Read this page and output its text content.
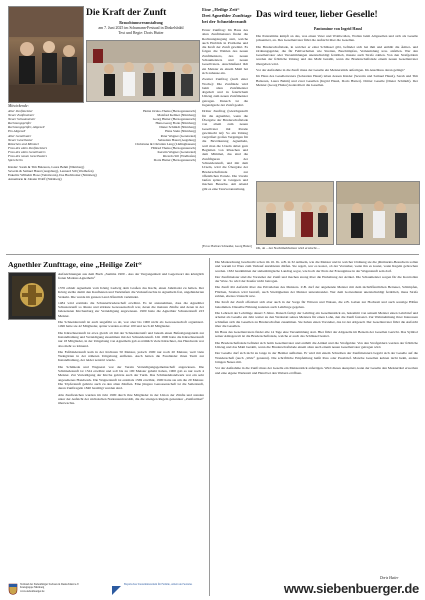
Die Kraft der Zunft
Brauchtumsveranstaltung
am 7. Juni 2025 im Schumann-Festsaal in Dinkelsbühl
Text und Regie: Doris Hutter
Mitwirkende:
Alter Zunftmeister	Heinz Ocsko-Theiss (Herzogenaurach)
Neuer Zunftmeister	Manfred Kellner (Nürnberg)
Neuer Schaumeister	Georg Hutter (Herzogenaurach)
Rechnungsprüfer	Hans-Georg Bode (Nürnberg)
Rechnungsprüfer, Altgesell	Dieter Schmidt (Nürnberg)
Ein Altgesell	Hans Stein (Nürnberg)
Alter Gesellvater	Peter Wagner (Geretsried)
Neuer Gesellvater	Sebastian Hausl (Augsburg)
Rösschen und Mimmel	Christiane & Christian Lang (Lüdinghausen)
Frau des alten Zunftmeisters	Hiltrud Theiss (Herzogenaurach)
Frau des alten Gesellvaters	Kerstin Wagner (Geretsried)
Frau des neuen Gesellvaters	Ricarda Sill (Wadhofen)
Sprecherin	Doris Hutter (Herzogenaurach)
Kinder: Sarah & Tim Balzeren, Laura Behm (Nürnberg)
Severin & Samuel Hausl (Augsburg), Lennard Sill (Wadhofen)
Enkelin: Wilhelm Hose (Veitsbronn), Ilse Buchholzer (Nürnberg)
Annemarie & Johann Wolff (Nürnberg)
Eine „Heilige Zeit“
Drei Agnethler Zunfttage
bei der Schneiderzunft

Erster Zunfttag: Im Haus des alten Zunftmeisters findet die Rechnungslegung statt, welche auch Einblick in Probleme und die Kraft der Zunft gewährt. Es folgen die Wahlen des neuen Zunftmeisters, des neuen Schaumeisters und neuen Gesellvaters. Anschließend lädt ein Meister zu einem Mahl bei sich zuhause ein.

Zweiter Zunfttag (nach einer Woche): Die Zunftlade wird beim alten Zunftmeister abgeholt und in feierlichem Umzug zum neuen Zunftmeister getragen. Danach ist die Jugendgarde der Zunft geehrt.

Dritter Zunfttag (Gleichgestellt für die Agnethler, wenn die Übergabe der Bruderschaftslade von altem zum neuen Gesellvater mit Parade gewünscht ist): So ein Umzug vergrößert großes Vergnügen für die Bevölkerung Agnetheln, weil man die Urzeln dabei gern Begleiten von Rösschen und dem Mimmel, das sind die Zunftfiguren der Schneiderzunft, und mit dem Urzeln, wird die Übergabe der Bruderschaftslade zur öffentlichen Parade. Die Urzeln laufen später in Gruppen und machen Besuche. Am Abend gibt es eine Tanzveranstaltung.

[Fotos: Barbara Schneider, Georg Hutter]
Das wird teuer, lieber Geselle!
Pantomime von Ingrid Hausl

Die Pantomime knüpft an das, was einen Vater und Wohlwollen, Wollen beim Altgesellen und sich als Geselle präsentiert, an. Des Gesellenvater führt die Aufsicht über die Gesellen.

Die Bruderschaftslade, in welcher er einst Schlüssel gibt, befindet sich bei ihm und enthält die Ämter- und Ordnungsgelder, die für Fehlverhalten wie Streiten, Beschimpfen, Verleumdung usw. anfallen. Wer den Gesellenvater oder Versammlungen unentschuldigt fernblieb, musste auch Strafe zahlen. Von den Strafgeldern werden der fröhliche Umzug und das Mahl bezahlt, wenn die Bruderschaftslade einem neuen Gesellenvater übergeben wird.

Vor der Aufnahme in die Zunft muss der Geselle ein Meisterstück anfertigen. Im Anschluss daran gelingt?

Im Haus des Gesellenvaters (Sebastian Hausl) leben dessen Kinder (Severin und Samuel Hausl), Sarah und Tim Balzeren, Laura Behm) und zwei Gesellen (Ingrid Hausl, Doris Hutter). Dritter Geselle (Dieter Schmidt). Der Meister (Georg Hutter) kontrolliert die Gesellen.

Oh, oh – der Nachtmahlwitzer wird erwischt ...
Agnethler Zunfttage, eine „Heilige Zeit“
Aufzeichnungen aus dem Buch „Summa 1900 - Aus der Vergangenheit und Gegenwart des königlich freien Marktes Agnetheln“

1376 erhielt Agnetheln vom König Ludwig dem Großen das Recht, einen Jahrmarkt zu halten. Der König stellte damit den Kaufleuten und Verkäufern die Verkaufsrechte in Agnetheln frei, ungehinderten Verkehr. Die wurde im ganzen Land öffentlich verkündet.

1484 wird erstmals die Schusterbruderschaft erwähnt. Es ist anzunehmen, dass die Agnethler Schusterzunft so älteste und stärkste Genossenschaft war, deren die meisten Zünfte und deren in der belesensten Kirchenburg zur Verteidigung angewiesen. 1900 hatte die Agnethler Schusterzunft 223 Meister.

Die Schneiderzunft ist auch ungefähr so alt, war aber bis 1900 nicht als Genossenschaft organisiert. 1496 hatte sie 42 Mitglieder, später wurden es über 100 und noch 40 Mitglieder.

Die Kürschnerzunft ist etwa gleich alt mit der Schneiderzunft und bekam einen Befestigungsturm zur Instandhaltung und Verteidigung zusammen mit der Schneiderzunft. Um 1900 hatte die Kürschnerzunft nur 18 Mitglieder, in der Umgebung von Agnetheln gab es nämlich viele Kürschner, das Handwerk war also mehr so lohnend.

Die Faßbinderzunft kam in der höchsten 50 Meister, jedoch 1900 nur noch 20 Meister, weil viele Weingärten in der näheren Umgebung entfielen. Auch hatten die Fassbinder ihren Turm zur Instandhaltung, der leider zerstört wurde.

Die Schmiede und Wagnerei war der Verein Verteidigungsgemeinschaft angewiesen. Die Schmiedezunft ist 1524 erwähnt und soll bis zu 100 Meister gehabt haben, 1900 gab es nur noch 4 Meister. Zur Verteidigung der Kirche gehörte auch der Turm. Das Schmiedehandwerk war ein sehr angesehenes Handwerk. Die Wagnerzunft ist erstmals 1569 erwähnt, 1900 hatte sie um die 20 Meister. Die Töpferzunft gehörte auch zu den alten Zünften. Eine jüngere Genossenschaft ist die Seilerzunft, deren Zunftregeln 1840 bestätigt wurden sind.

Alle Zunftzeichen wurden im Jahr 1900 durch ihre Mitglieder in der Union der Zünfte und standen unter der Aufsicht der sächsischen Nationsuniversität, die die strengen Regeln genannter „Zunftartikel“ überwachte.

Verband der Siebenbürger Sachsen in Deutschland e.V. Kreisgruppe Nürnberg
www.siebenbuerger.de
Bayerisches Staatsministerium für Familie, Arbeit und Soziales

Die Markordnung beschreibt schon im 16. Jh. u.B. in 32 Artikeln, wie die Meister und in welcher Ordnung sie die jährmarkts-Besuchern sollen und warum ist Ware zum Verkauf anzubieten dürfen. Sie regelt, wer es kostet, ob der Vorsteher, wenn ihn es kostet, wann Regeln gebrochen werden. 1632 bestimmten der siebenbürgische Landtag sogar, wie hoch der Preis der Erzeugnisse in der Wagenzunft sein darf.

Der Zunftmeister sind die Vorsteher der Zunft und machen streng über die Einhaltung der Artikel. Die Schaumeister sorgen für die Kontrollen der Ware. So wird der Kaufer nicht betrogen.

Die Zunft übt Aufsicht über das Privatleben des Meisters. Z.B. darf der angehende Meister mit dem nichtöffentlichen Betreuer, Schimpfen, Flüchen, Streiten wird bestraft, auch Streitigkeiten der Meister untereinander. Wer dem Gottesdienst unentschuldigt fernblieb, muss Strafe zahlen, ebenso Unzucht usw.

Die Kraft der Zunft offenbart sich aber auch in der Sorge für Witwen und Waisen, die z.B. Gaben zur Hochzeit und auch sonstige Hilfen bekommen. Dieselbe Führung konnten auch Lehrlinge gegeben.

Die Lehrzeit der Lehrlinge dauert 3 Jahre. Danach fertigt der Lehrling ein Gesellenstück an, bekommt von seinem Meister einen Lehrbrief und arbeitet als Geselle ein Jahr weiter zu den Werkstatt seines Meisters für einen Lohn, den die Zunft festsetzt. Zur Wahrnehmung ihrer Interessen schließen sich die Gesellen zu Bruderschaften zusammen. Sie haben einen Vorsteher, das ist der Altgesell. Der Gesellenvater führt die Aufsicht über die Gesellen.

Im Haus des Gesellenvaters findet alle 14 Tage eine Versammlung statt. Hier führt der Altgeselle im Beisein der Gesellen Gericht. Das Symbol seiner Amtsgewalt ist die Bruderschaftslade, welche er auch das Schlüssel besitzt.

Die Bruderschaftslade befindet sich beim Gesellenvater und enthält die Artikel und die Strafgelder. Von den Strafgeldern werden der fröhliche Umzug und das Mahl bezahlt, wenn die Bruderschaftslade einem alten auch einem neuen Gesellenvater getragen wird.

Der Geselle darf sich nicht zu lange in der Heimat aufhalten. Er wird mit einem Schreiben der Zunftmeistern begabt sich der Geselle auf die Wanderschaft (auch „Walz“ genannt). Die schriftliche Empfehlung heißt Pass oder Passbrief. Manche Gesellen kehren nicht heim, andere bringen Neues mit.

Vor der Aufnahme in die Zunft muss der Geselle ein Meisterstück anfertigen. Wird dieses akzeptiert, kann der Geselle den Meistertitel erwerben und eine eigene Werkstatt und Hand bei den Webern eröffnen.

Doris Hutter
www.siebenbuerger.de
